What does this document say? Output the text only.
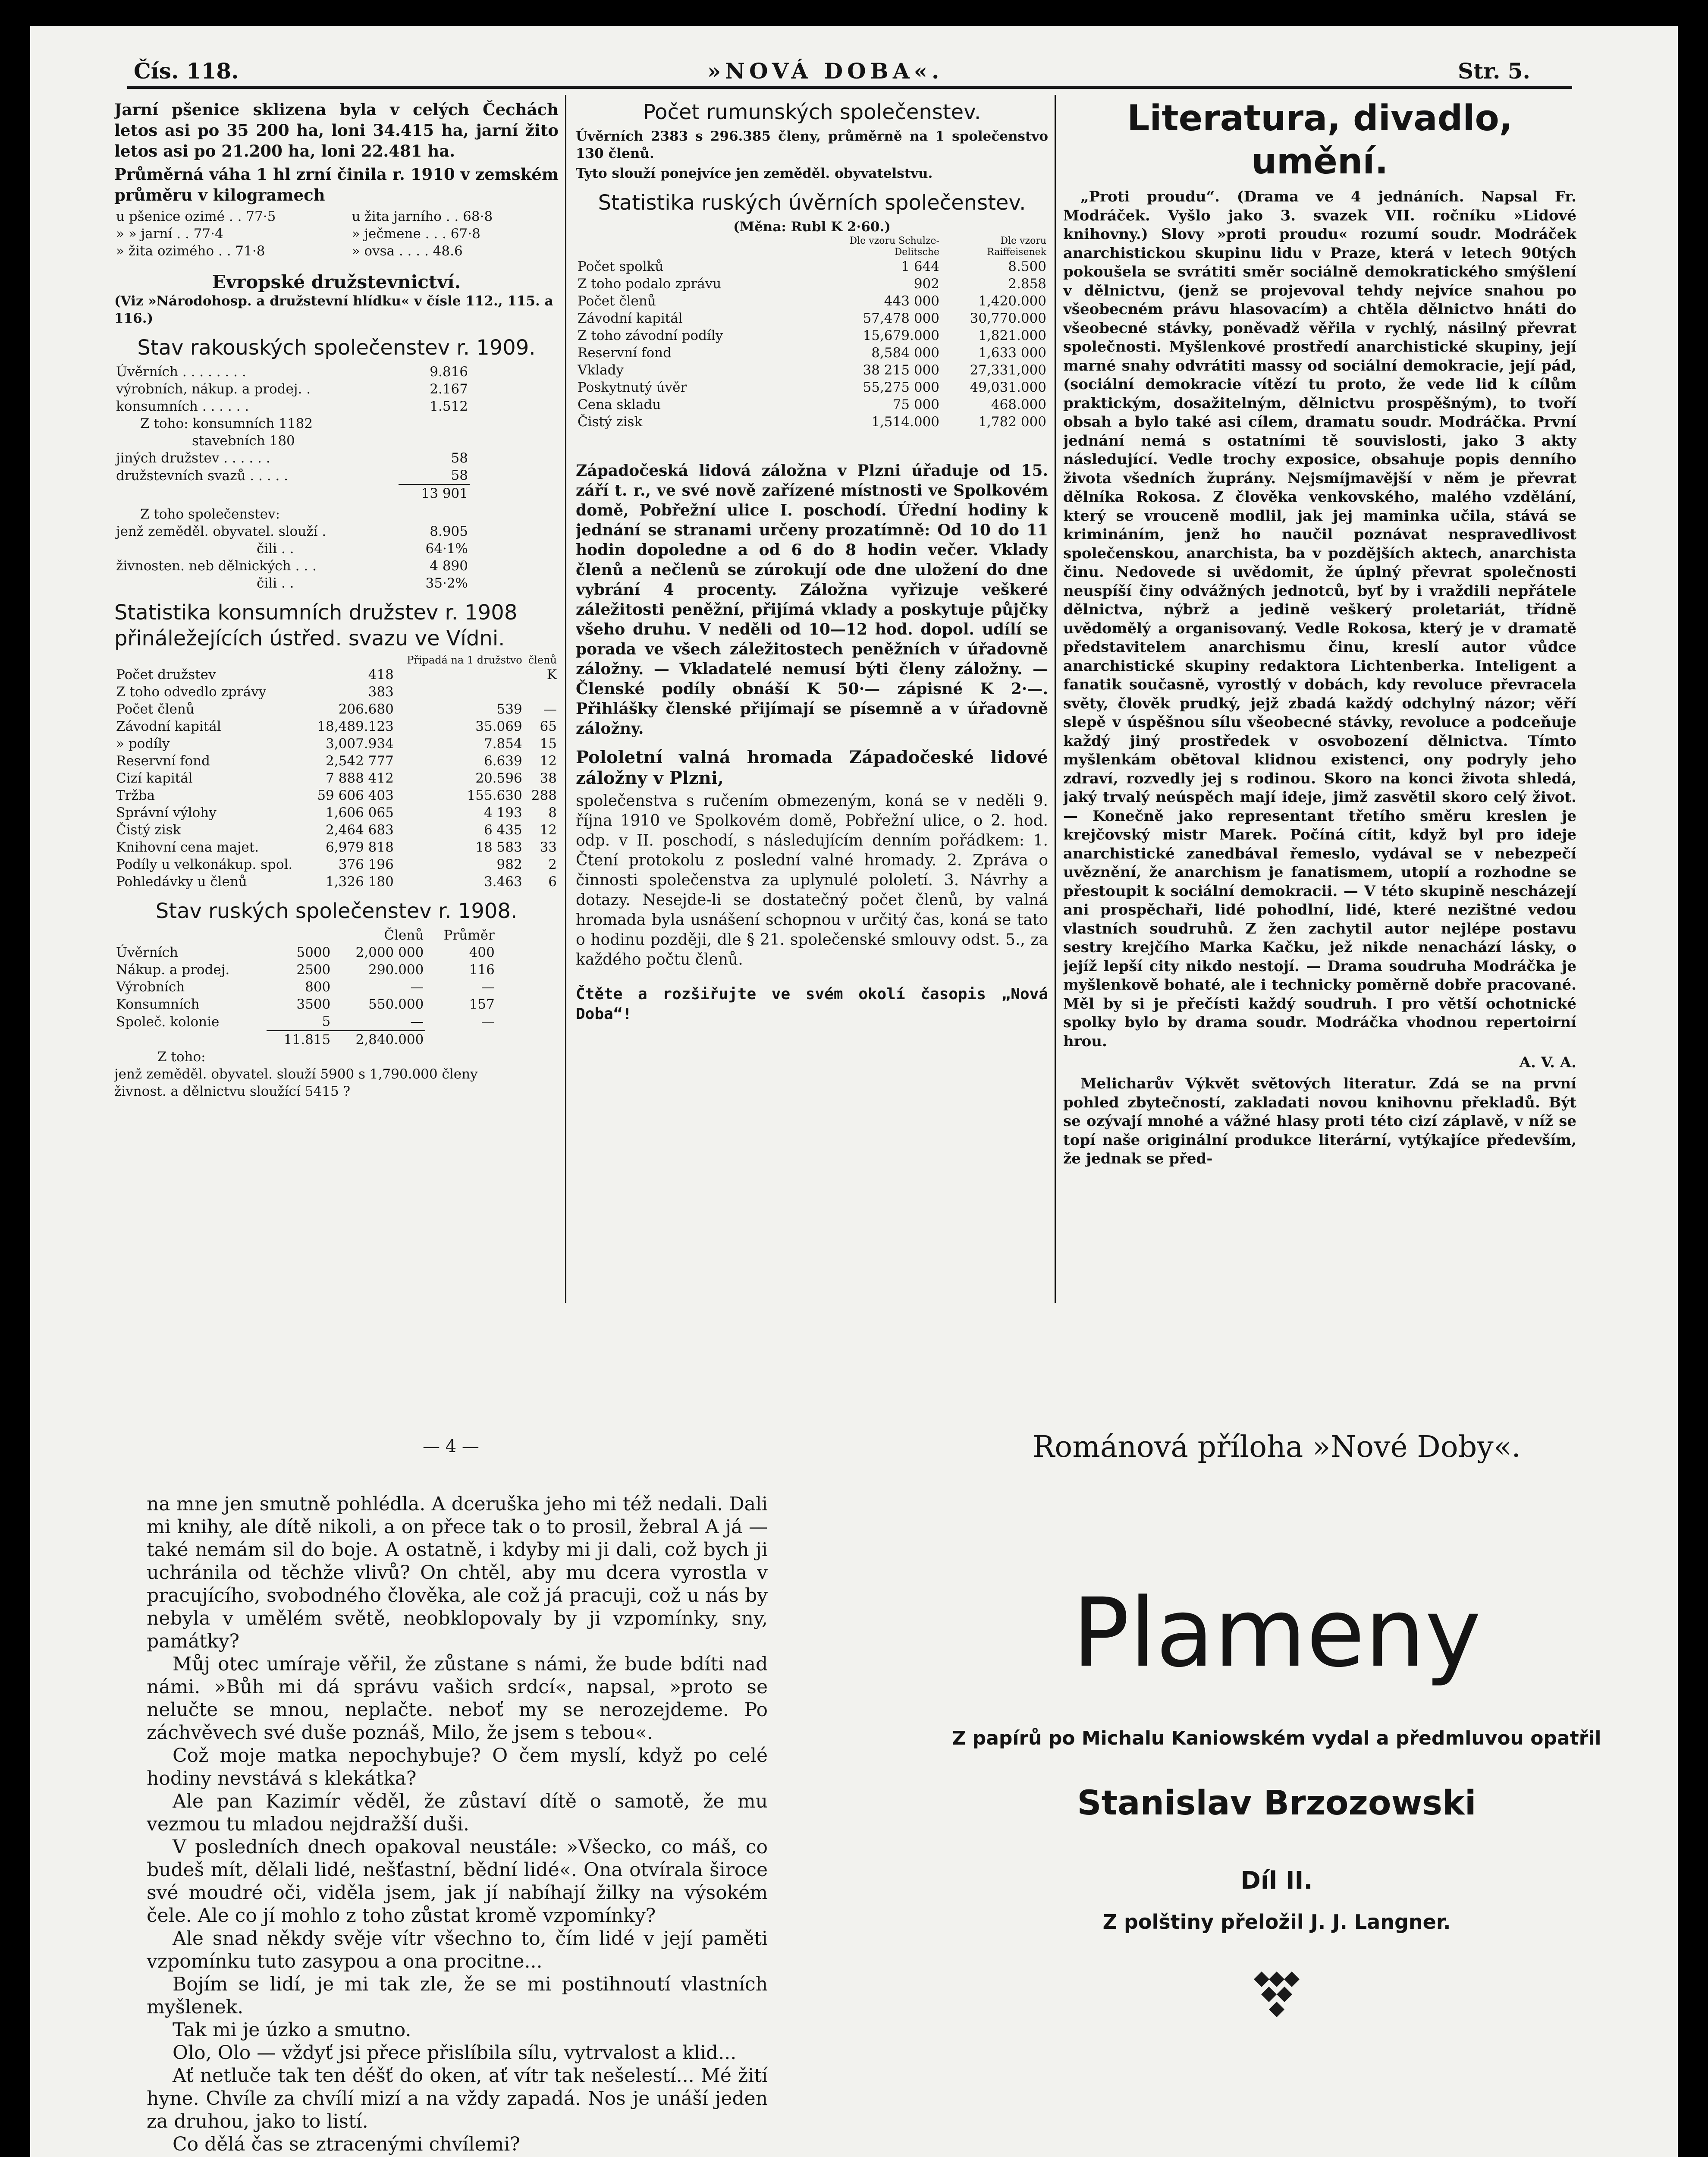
Čís. 118.	»NOVÁ DOBA«.	Str. 5.

Jarní pšenice sklizena byla v celých Čechách letos asi po 35 200 ha, loni 34.415 ha, jarní žito letos asi po 21.200 ha, loni 22.481 ha.

Průměrná váha 1 hl zrní činila r. 1910 v zemském průměru v kilogramech

u pšenice ozimé . . 77·5	u žita jarního . . 68·8
» » jarní . . 77·4	» ječmene . . . 67·8
» žita ozimého . . 71·8	» ovsa . . . . 48.6
Evropské družstevnictví.
(Viz »Národohosp. a družstevní hlídku« v čísle 112., 115. a 116.)
Stav rakouských společenstev r. 1909.
Úvěrních . . . . . . . .	9.816
výrobních, nákup. a prodej. .	2.167
konsumních . . . . . .	1.512
Z toho: konsumních 1182	
stavebních 180	
jiných družstev . . . . . .	58
družstevních svazů . . . . .	58
	13 901
Z toho společenstev:
jenž zeměděl. obyvatel. slouží .	8.905
čili . .	64·1%
živnosten. neb dělnických . . .	4 890
čili . .	35·2%
Statistika konsumních družstev r. 1908 přináležejících ústřed. svazu ve Vídni.
		Připadá na 1 družstvo	členů
Počet družstev	418		K
Z toho odvedlo zprávy	383		
Počet členů	206.680	539	—
Závodní kapitál	18,489.123	35.069	65
» podíly	3,007.934	7.854	15
Reservní fond	2,542 777	6.639	12
Cizí kapitál	7 888 412	20.596	38
Tržba	59 606 403	155.630	288
Správní výlohy	1,606 065	4 193	8
Čistý zisk	2,464 683	6 435	12
Knihovní cena majet.	6,979 818	18 583	33
Podíly u velkonákup. spol.	376 196	982	2
Pohledávky u členů	1,326 180	3.463	6
Stav ruských společenstev r. 1908.
		Členů	Průměr
Úvěrních	5000	2,000 000	400
Nákup. a prodej.	2500	290.000	116
Výrobních	800	—	—
Konsumních	3500	550.000	157
Společ. kolonie	5	—	—
	11.815	2,840.000	
Z toho:
jenž zeměděl. obyvatel. slouží 5900 s 1,790.000 členy
živnost. a dělnictvu sloužící 5415 ?
Počet rumunských společenstev.

Úvěrních 2383 s 296.385 členy, průměrně na 1 společenstvo 130 členů.

Tyto slouží ponejvíce jen zeměděl. obyvatelstvu.

Statistika ruských úvěrních společenstev.
(Měna: Rubl K 2·60.)
	Dle vzoru Schulze-Delitsche	Dle vzoru Raiffeisenek
Počet spolků	1 644	8.500
Z toho podalo zprávu	902	2.858
Počet členů	443 000	1,420.000
Závodní kapitál	57,478 000	30,770.000
Z toho závodní podíly	15,679.000	1,821.000
Reservní fond	8,584 000	1,633 000
Vklady	38 215 000	27,331,000
Poskytnutý úvěr	55,275 000	49,031.000
Cena skladu	75 000	468.000
Čistý zisk	1,514.000	1,782 000

Západočeská lidová záložna v Plzni úřaduje od 15. září t. r., ve své nově zařízené místnosti ve Spolkovém domě, Pobřežní ulice I. poschodí. Úřední hodiny k jednání se stranami určeny prozatímně: Od 10 do 11 hodin dopoledne a od 6 do 8 hodin večer. Vklady členů a nečlenů se zúrokují ode dne uložení do dne vybrání 4 procenty. Záložna vyřizuje veškeré záležitosti peněžní, přijímá vklady a poskytuje půjčky všeho druhu. V neděli od 10—12 hod. dopol. udílí se porada ve všech záležitostech peněžních v úřadovně záložny. — Vkladatelé nemusí býti členy záložny. — Členské podíly obnáší K 50·— zápisné K 2·—. Přihlášky členské přijímají se písemně a v úřadovně záložny.

Pololetní valná hromada Západočeské lidové záložny v Plzni,

společenstva s ručením obmezeným, koná se v neděli 9. října 1910 ve Spolkovém domě, Pobřežní ulice, o 2. hod. odp. v II. poschodí, s následujícím denním pořádkem: 1. Čtení protokolu z poslední valné hromady. 2. Zpráva o činnosti společenstva za uplynulé pololetí. 3. Návrhy a dotazy. Nesejde-li se dostatečný počet členů, by valná hromada byla usnášení schopnou v určitý čas, koná se tato o hodinu později, dle § 21. společenské smlouvy odst. 5., za každého počtu členů.

Čtěte a rozšiřujte ve svém okolí časopis „Nová Doba“!

Literatura, divadlo, umění.

„Proti proudu“. (Drama ve 4 jednáních. Napsal Fr. Modráček. Vyšlo jako 3. svazek VII. ročníku »Lidové knihovny.) Slovy »proti proudu« rozumí soudr. Modráček anarchistickou skupinu lidu v Praze, která v letech 90tých pokoušela se svrátiti směr sociálně demokratického smýšlení v dělnictvu, (jenž se projevoval tehdy nejvíce snahou po všeobecném právu hlasovacím) a chtěla dělnictvo hnáti do všeobecné stávky, poněvadž věřila v rychlý, násilný převrat společnosti. Myšlenkové prostředí anarchistické skupiny, její marné snahy odvrátiti massy od sociální demokracie, její pád, (sociální demokracie vítězí tu proto, že vede lid k cílům praktickým, dosažitelným, dělnictvu prospěšným), to tvoří obsah a bylo také asi cílem, dramatu soudr. Modráčka. První jednání nemá s ostatními tě souvislosti, jako 3 akty následující. Vedle trochy exposice, obsahuje popis denního života všedních župrány. Nejsmíjmavější v něm je převrat dělníka Rokosa. Z člověka venkovského, malého vzdělání, který se vrouceně modlil, jak jej maminka učila, stává se krimináním, jenž ho naučil poznávat nespravedlivost společenskou, anarchista, ba v pozdějších aktech, anarchista činu. Nedovede si uvědomit, že úplný převrat společnosti neuspíší činy odvážných jednotců, byť by i vraždili nepřátele dělnictva, nýbrž a jedině veškerý proletariát, třídně uvědomělý a organisovaný. Vedle Rokosa, který je v dramatě představitelem anarchismu činu, kreslí autor vůdce anarchistické skupiny redaktora Lichtenberka. Inteligent a fanatik současně, vyrostlý v dobách, kdy revoluce převracela světy, člověk prudký, jejž zbadá každý odchylný názor; věří slepě v úspěšnou sílu všeobecné stávky, revoluce a podceňuje každý jiný prostředek v osvobození dělnictva. Tímto myšlenkám obětoval klidnou existenci, ony podryly jeho zdraví, rozvedly jej s rodinou. Skoro na konci života shledá, jaký trvalý neúspěch mají ideje, jimž zasvětil skoro celý život. — Konečně jako representant třetího směru kreslen je krejčovský mistr Marek. Počíná cítit, když byl pro ideje anarchistické zanedbával řemeslo, vydával se v nebezpečí uvěznění, že anarchism je fanatismem, utopií a rozhodne se přestoupit k sociální demokracii. — V této skupině nescházejí ani prospěchaři, lidé pohodlní, lidé, které nezištné vedou vlastních soudruhů. Z žen zachytil autor nejlépe postavu sestry krejčího Marka Kačku, jež nikde nenachází lásky, o jejíž lepší city nikdo nestojí. — Drama soudruha Modráčka je myšlenkově bohaté, ale i technicky poměrně dobře pracované. Měl by si je přečísti každý soudruh. I pro větší ochotnické spolky bylo by drama soudr. Modráčka vhodnou repertoirní hrou.

A. V. A.

Melicharův Výkvět světových literatur. Zdá se na první pohled zbytečností, zakladati novou knihovnu překladů. Být se ozývají mnohé a vážné hlasy proti této cizí záplavě, v níž se topí naše originální produkce literární, vytýkajíce především, že jednak se před-

— 4 —

na mne jen smutně pohlédla. A dceruška jeho mi též nedali. Dali mi knihy, ale dítě nikoli, a on přece tak o to prosil, žebral A já — také nemám sil do boje. A ostatně, i kdyby mi ji dali, což bych ji uchránila od těchže vlivů? On chtěl, aby mu dcera vyrostla v pracujícího, svobodného člověka, ale což já pracuji, což u nás by nebyla v umělém světě, neobklopovaly by ji vzpomínky, sny, památky?

Můj otec umíraje věřil, že zůstane s námi, že bude bdíti nad námi. »Bůh mi dá správu vašich srdcí«, napsal, »proto se nelučte se mnou, neplačte. neboť my se nerozejdeme. Po záchvěvech své duše poznáš, Milo, že jsem s tebou«.

Což moje matka nepochybuje? O čem myslí, když po celé hodiny nevstává s klekátka?

Ale pan Kazimír věděl, že zůstaví dítě o samotě, že mu vezmou tu mladou nejdražší duši.

V posledních dnech opakoval neustále: »Všecko, co máš, co budeš mít, dělali lidé, nešťastní, bědní lidé«. Ona otvírala široce své moudré oči, viděla jsem, jak jí nabíhají žilky na výsokém čele. Ale co jí mohlo z toho zůstat kromě vzpomínky?

Ale snad někdy svěje vítr všechno to, čím lidé v její paměti vzpomínku tuto zasypou a ona procitne...

Bojím se lidí, je mi tak zle, že se mi postihnoutí vlastních myšlenek.

Tak mi je úzko a smutno.

Olo, Olo — vždyť jsi přece přislíbila sílu, vytrvalost a klid...

Ať netluče tak ten déšť do oken, ať vítr tak nešelestí... Mé žití hyne. Chvíle za chvílí mizí a na vždy zapadá. Nos je unáší jeden za druhou, jako to listí.

Co dělá čas se ztracenými chvílemi?

Románová příloha »Nové Doby«.
Plameny
Z papírů po Michalu Kaniowském vydal a předmluvou opatřil
Stanislav Brzozowski
Díl II.
Z polštiny přeložil J. J. Langner.
